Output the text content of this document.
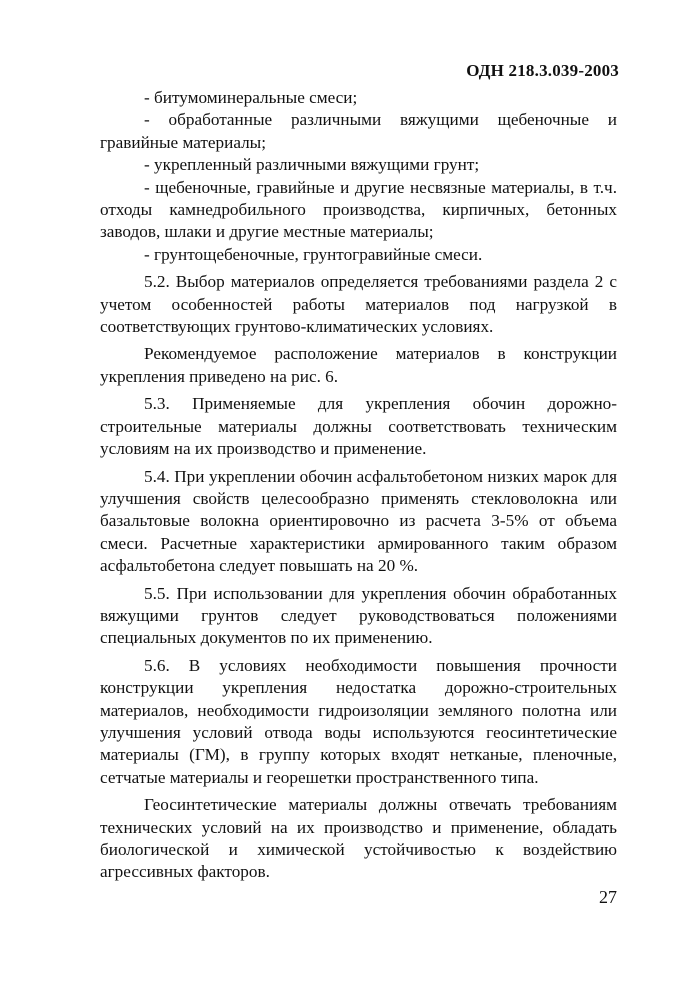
ОДН 218.3.039-2003

- битумоминеральные смеси;

- обработанные различными вяжущими щебеночные и гравийные материалы;

- укрепленный различными вяжущими грунт;

- щебеночные, гравийные и другие несвязные материалы, в т.ч. отходы камнедробильного производства, кирпичных, бетонных заводов, шлаки и другие местные материалы;

- грунтощебеночные, грунтогравийные смеси.

5.2. Выбор материалов определяется требованиями раздела 2 с учетом особенностей работы материалов под нагрузкой в соответствующих грунтово-климатических условиях.

Рекомендуемое расположение материалов в конструкции укрепления приведено на рис. 6.

5.3. Применяемые для укрепления обочин дорожно-строительные материалы должны соответствовать техническим условиям на их производство и применение.

5.4. При укреплении обочин асфальтобетоном низких марок для улучшения свойств целесообразно применять стекловолокна или базальтовые волокна ориентировочно из расчета 3-5% от объема смеси. Расчетные характеристики армированного таким образом асфальтобетона следует повышать на 20 %.

5.5. При использовании для укрепления обочин обработанных вяжущими грунтов следует руководствоваться положениями специальных документов по их применению.

5.6. В условиях необходимости повышения прочности конструкции укрепления недостатка дорожно-строительных материалов, необходимости гидроизоляции земляного полотна или улучшения условий отвода воды используются геосинтетические материалы (ГМ), в группу которых входят нетканые, пленочные, сетчатые материалы и георешетки пространственного типа.

Геосинтетические материалы должны отвечать требованиям технических условий на их производство и применение, обладать биологической и химической устойчивостью к воздействию агрессивных факторов.

27
